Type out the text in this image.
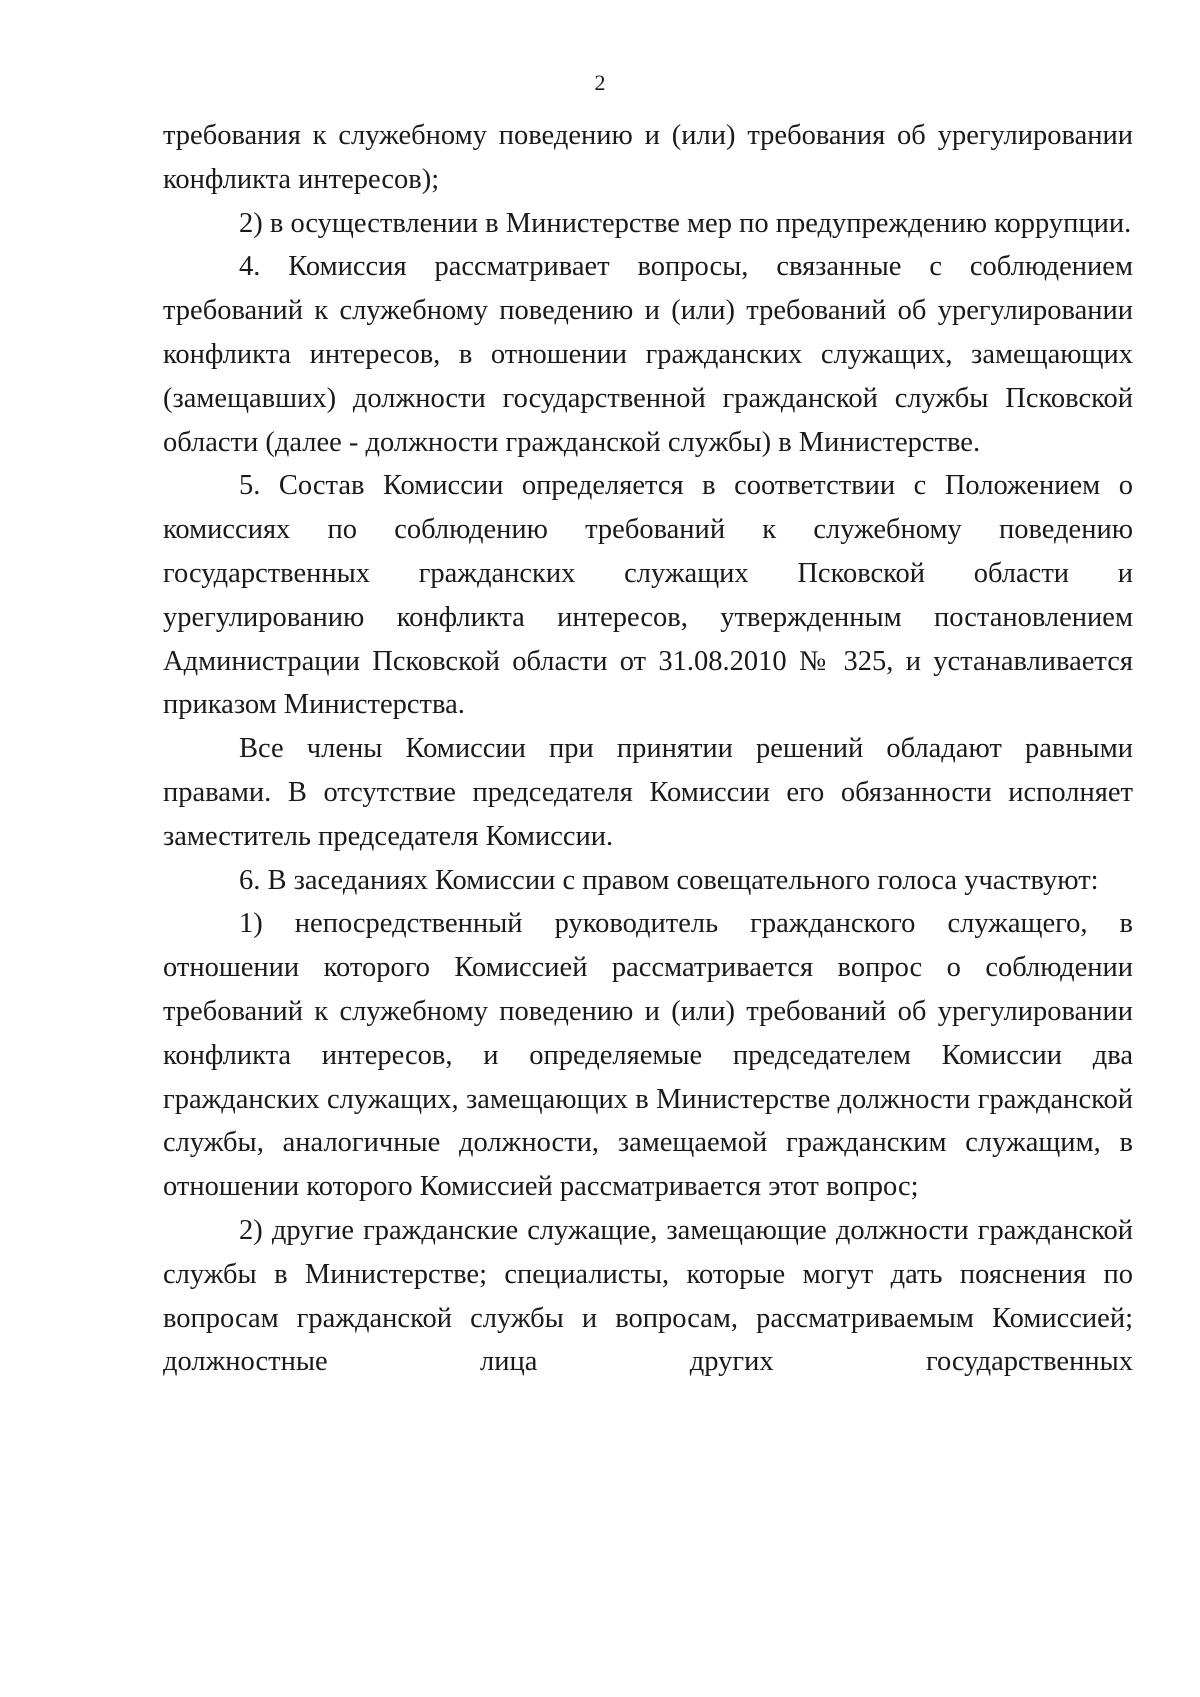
2

требования к служебному поведению и (или) требования об урегулировании конфликта интересов);

2) в осуществлении в Министерстве мер по предупреждению коррупции.

4. Комиссия рассматривает вопросы, связанные с соблюдением требований к служебному поведению и (или) требований об урегулировании конфликта интересов, в отношении гражданских служащих, замещающих (замещавших) должности государственной гражданской службы Псковской области (далее - должности гражданской службы) в Министерстве.

5. Состав Комиссии определяется в соответствии с Положением о комиссиях по соблюдению требований к служебному поведению государственных гражданских служащих Псковской области и урегулированию конфликта интересов, утвержденным постановлением Администрации Псковской области от 31.08.2010 № 325, и устанавливается приказом Министерства.

Все члены Комиссии при принятии решений обладают равными правами. В отсутствие председателя Комиссии его обязанности исполняет заместитель председателя Комиссии.

6. В заседаниях Комиссии с правом совещательного голоса участвуют:

1) непосредственный руководитель гражданского служащего, в отношении которого Комиссией рассматривается вопрос о соблюдении требований к служебному поведению и (или) требований об урегулировании конфликта интересов, и определяемые председателем Комиссии два гражданских служащих, замещающих в Министерстве должности гражданской службы, аналогичные должности, замещаемой гражданским служащим, в отношении которого Комиссией рассматривается этот вопрос;

2) другие гражданские служащие, замещающие должности гражданской службы в Министерстве; специалисты, которые могут дать пояснения по вопросам гражданской службы и вопросам, рассматриваемым Комиссией; должностные лица других государственных
